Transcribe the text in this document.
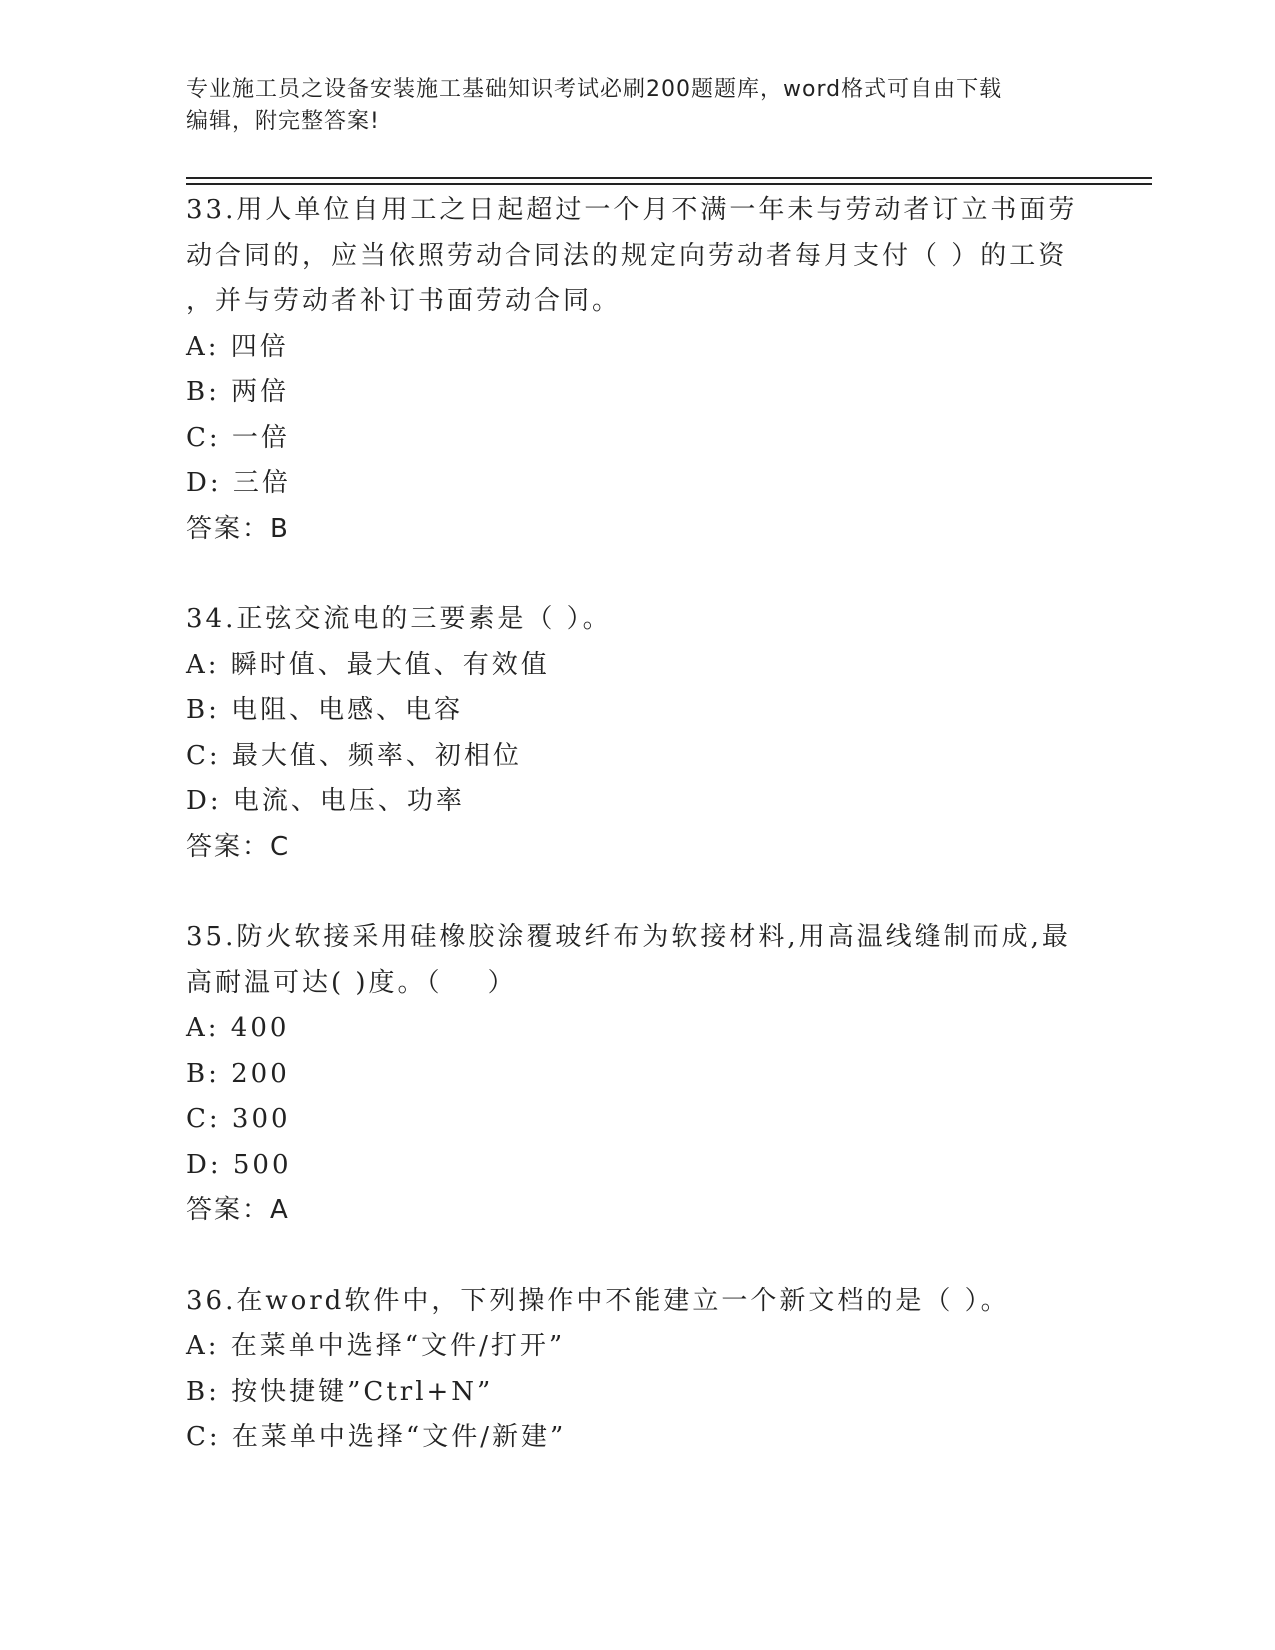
专业施工员之设备安装施工基础知识考试必刷200题题库，word格式可自由下载
编辑，附完整答案!
33.用人单位自用工之日起超过一个月不满一年未与劳动者订立书面劳
动合同的，应当依照劳动合同法的规定向劳动者每月支付（ ）的工资
，并与劳动者补订书面劳动合同。
A: 四倍
B: 两倍
C: 一倍
D: 三倍
答案：B
34.正弦交流电的三要素是（ ）。
A: 瞬时值、最大值、有效值
B: 电阻、电感、电容
C: 最大值、频率、初相位
D: 电流、电压、功率
答案：C
35.防火软接采用硅橡胶涂覆玻纤布为软接材料,用高温线缝制而成,最
高耐温可达( )度。（    ）
A: 400
B: 200
C: 300
D: 500
答案：A
36.在word软件中，下列操作中不能建立一个新文档的是（ ）。
A: 在菜单中选择“文件/打开”
B: 按快捷键”Ctrl+N”
C: 在菜单中选择“文件/新建”
